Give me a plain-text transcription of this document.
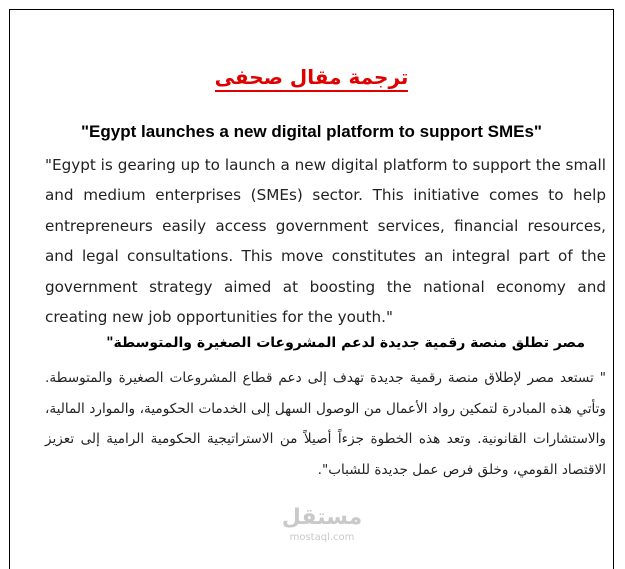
ترجمة مقال صحفى
"Egypt launches a new digital platform to support SMEs"

"Egypt is gearing up to launch a new digital platform to support the small and medium enterprises (SMEs) sector. This initiative comes to help entrepreneurs easily access government services, financial resources, and legal consultations. This move constitutes an integral part of the government strategy aimed at boosting the national economy and creating new job opportunities for the youth."

مصر تطلق منصة رقمية جديدة لدعم المشروعات الصغيرة والمتوسطة"

" تستعد مصر لإطلاق منصة رقمية جديدة تهدف إلى دعم قطاع المشروعات الصغيرة والمتوسطة. وتأتي هذه المبادرة لتمكين رواد الأعمال من الوصول السهل إلى الخدمات الحكومية، والموارد المالية، والاستشارات القانونية. وتعد هذه الخطوة جزءاً أصيلاً من الاستراتيجية الحكومية الرامية إلى تعزيز الاقتصاد القومي، وخلق فرص عمل جديدة للشباب".

مستقل
mostaql.com
